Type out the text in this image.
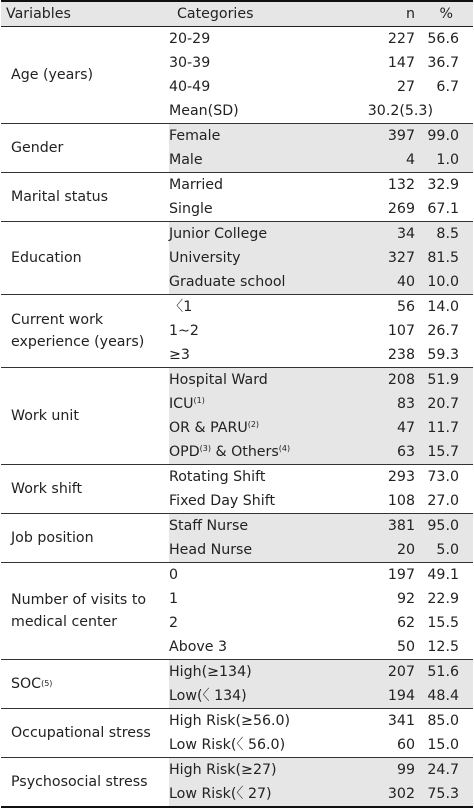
Variables	Categories	n	%
Age (years)
20-29	227 56.6
30-39	147 36.7
40-49	27	6.7
Mean(SD)	30.2(5.3)
Gender
Female	397 99.0
Male	4	1.0
Marital status
Married	132 32.9
Single	269 67.1
Education
Junior College	34	8.5
University	327 81.5
Graduate school	40 10.0
Current work experience (years)
〈1	56 14.0
1∼2	107 26.7
≥3	238 59.3
Work unit
Hospital Ward	208 51.9
ICU$^{(1)}$	83 20.7
OR & PARU$^{(2)}$	47 11.7
OPD$^{(3)}$ & Others$^{(4)}$	63 15.7
Work shift
Rotating Shift	293 73.0
Fixed Day Shift	108 27.0
Job position
Staff Nurse	381 95.0
Head Nurse	20	5.0
Number of visits to medical center
0	197 49.1
1	92 22.9
2	62 15.5
Above 3	50 12.5
SOC (5)
High(≥134)	207 51.6
Low(〈 134)	194 48.4
Occupational stress
High Risk(≥56.0)	341 85.0
Low Risk(〈 56.0)	60 15.0
Psychosocial stress
High Risk(≥27)	99 24.7
Low Risk(〈 27)	302 75.3
